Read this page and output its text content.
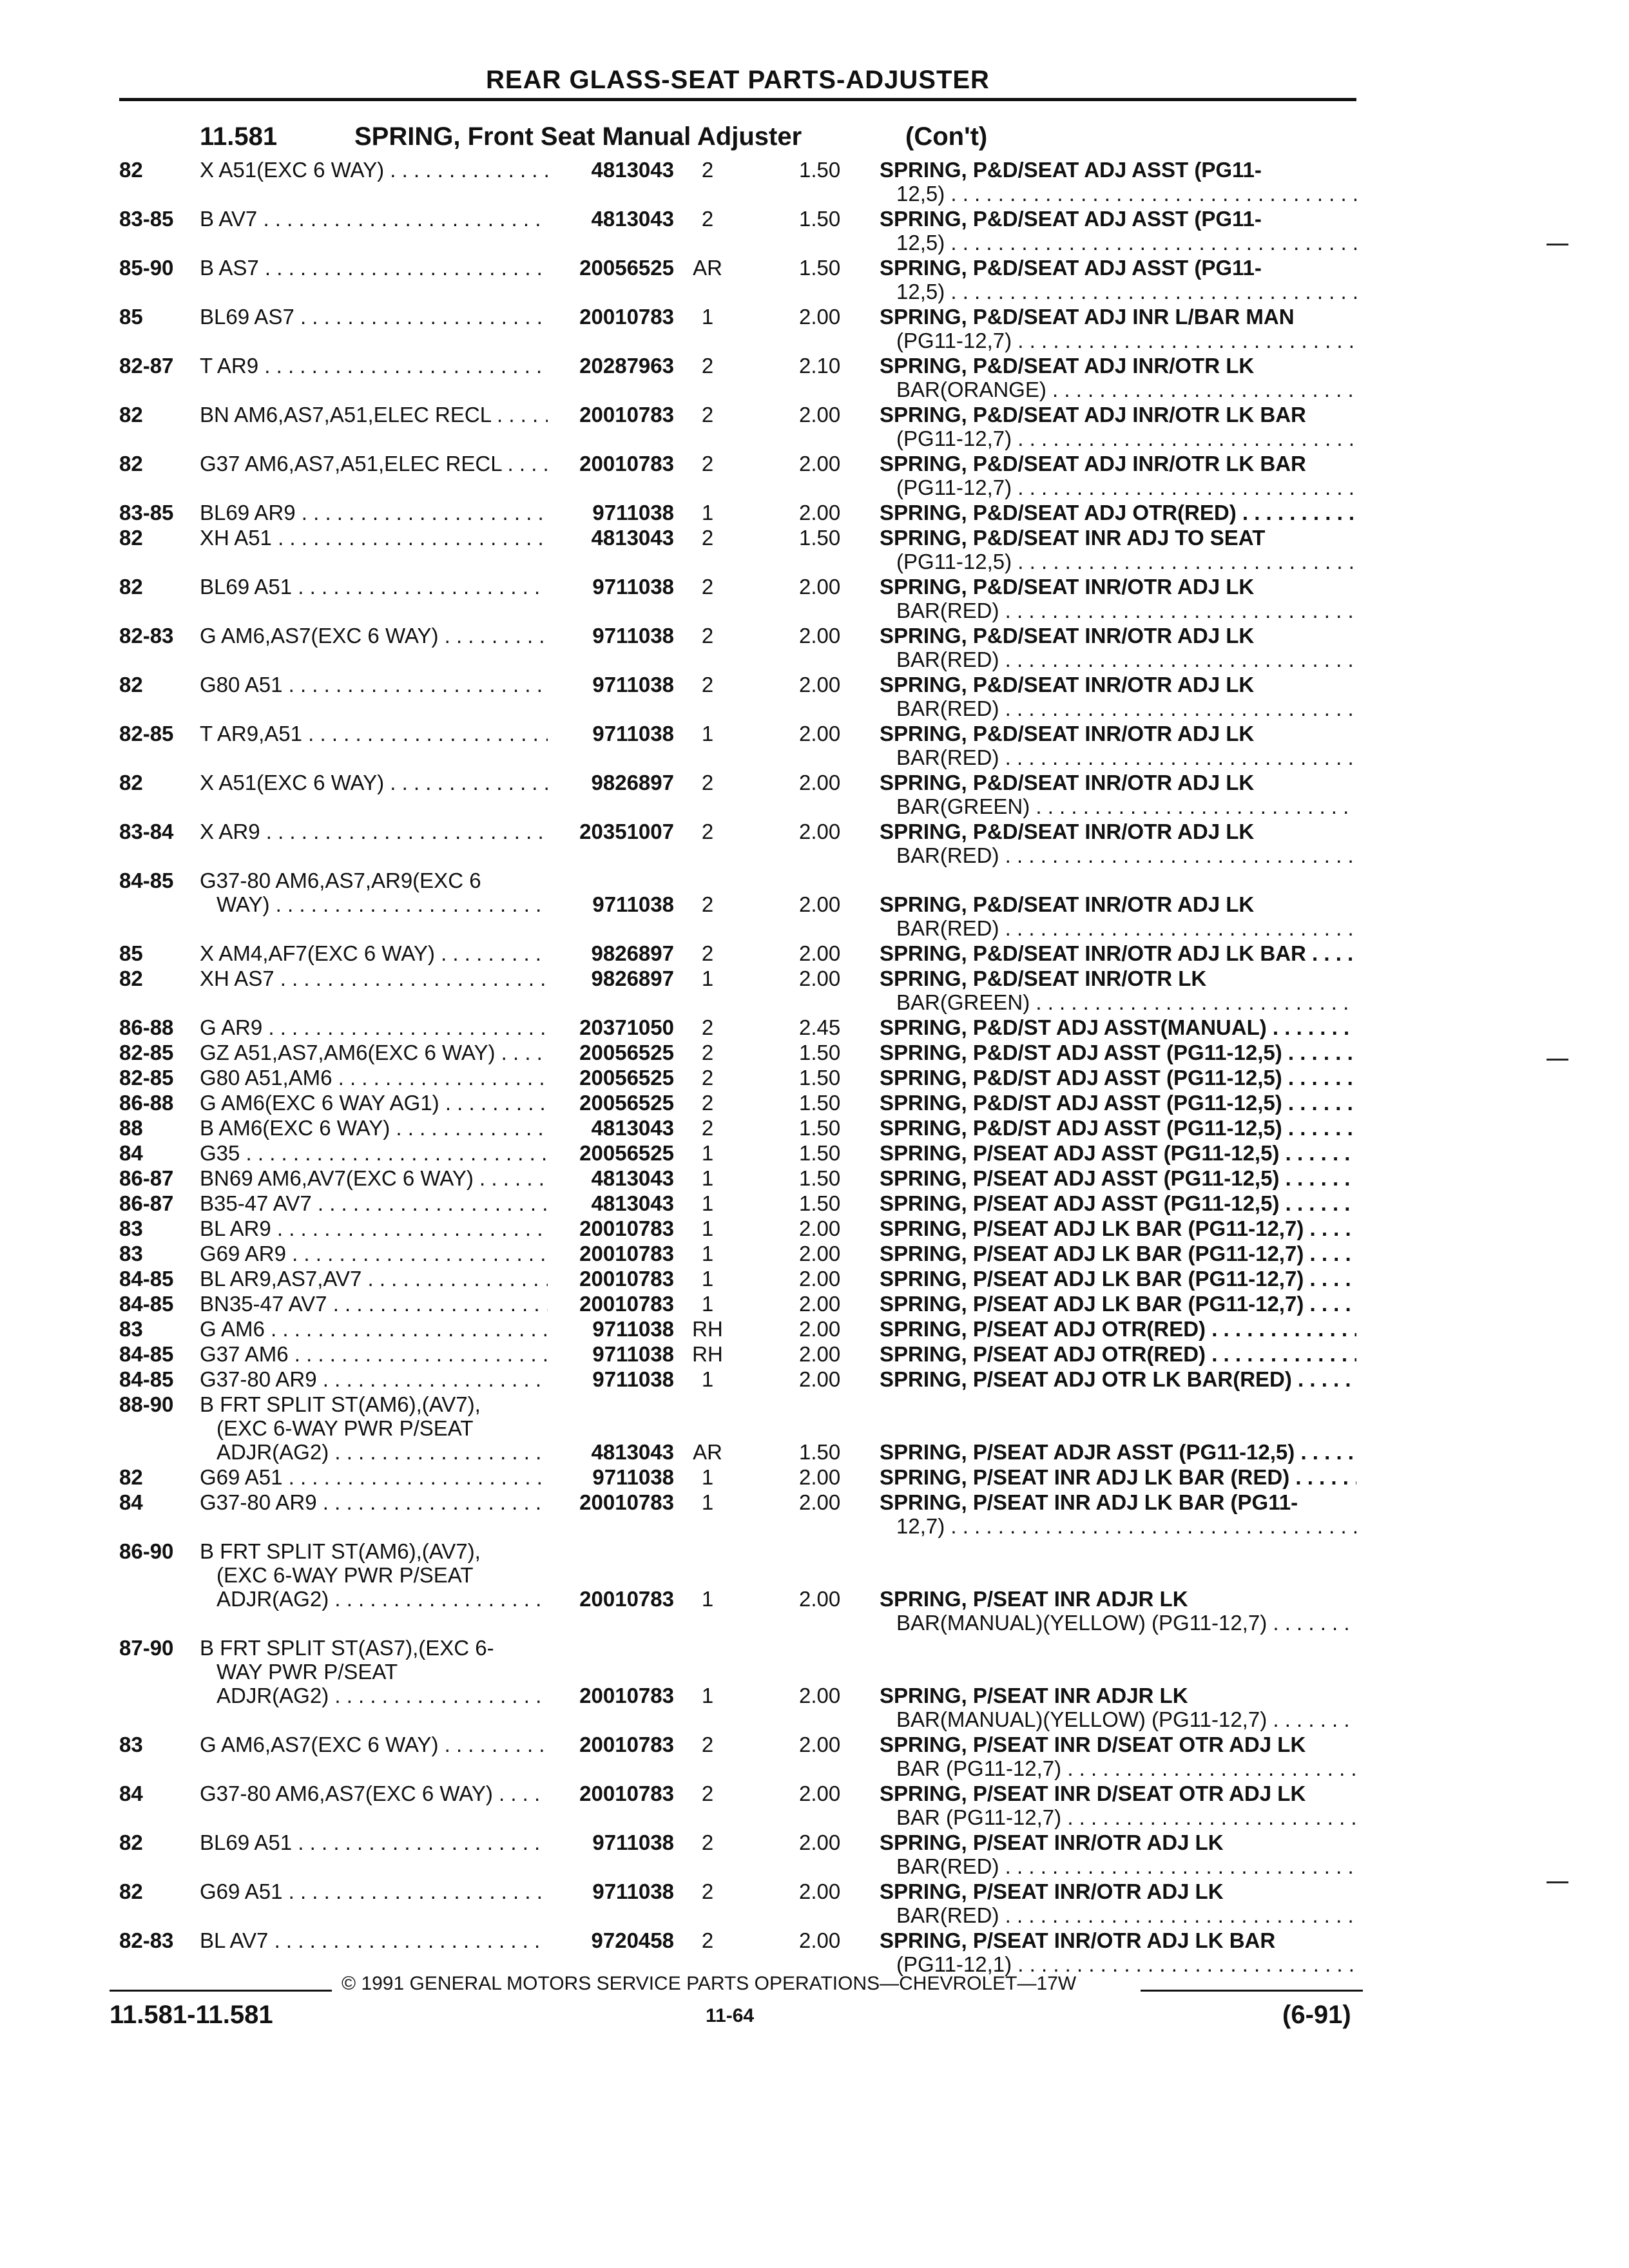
REAR GLASS-SEAT PARTS-ADJUSTER
11.581	SPRING, Front Seat Manual Adjuster	(Con't)
82	X A51(EXC 6 WAY) . . .	4813043	2	1.50 SPRING, P&D/SEAT ADJ ASST (PG11-
12,5) . . .
83-85 B AV7 . . .	4813043	2	1.50 SPRING, P&D/SEAT ADJ ASST (PG11-
12,5) . . .
85-90 B AS7 . . .	20056525 AR	1.50 SPRING, P&D/SEAT ADJ ASST (PG11-
12,5) . . .
85	BL69 AS7 . . .	20010783	1	2.00 SPRING, P&D/SEAT ADJ INR L/BAR MAN
(PG11-12,7) . . .
82-87 T AR9 . . .	20287963	2	2.10 SPRING, P&D/SEAT ADJ INR/OTR LK
BAR(ORANGE) . . .
82	BN AM6,AS7,A51,ELEC RECL . . .	20010783	2	2.00 SPRING, P&D/SEAT ADJ INR/OTR LK BAR
(PG11-12,7) . . .
82	G37 AM6,AS7,A51,ELEC RECL . . .	20010783	2	2.00 SPRING, P&D/SEAT ADJ INR/OTR LK BAR
(PG11-12,7) . . .
83-85 BL69 AR9 . . .	9711038	1	2.00 SPRING, P&D/SEAT ADJ OTR(RED) . . .
82	XH A51 . . .	4813043	2	1.50 SPRING, P&D/SEAT INR ADJ TO SEAT
(PG11-12,5) . . .
82	BL69 A51 . . .	9711038	2	2.00 SPRING, P&D/SEAT INR/OTR ADJ LK
BAR(RED) . . .
82-83 G AM6,AS7(EXC 6 WAY) . . .	9711038	2	2.00 SPRING, P&D/SEAT INR/OTR ADJ LK
BAR(RED) . . .
82	G80 A51 . . .	9711038	2	2.00 SPRING, P&D/SEAT INR/OTR ADJ LK
BAR(RED) . . .
82-85 T AR9,A51 . . .	9711038	1	2.00 SPRING, P&D/SEAT INR/OTR ADJ LK
BAR(RED) . . .
82	X A51(EXC 6 WAY) . . .	9826897	2	2.00 SPRING, P&D/SEAT INR/OTR ADJ LK
BAR(GREEN) . . .
83-84 X AR9 . . .	20351007	2	2.00 SPRING, P&D/SEAT INR/OTR ADJ LK
BAR(RED) . . .
84-85 G37-80 AM6,AS7,AR9(EXC 6
WAY) . . .	9711038	2	2.00 SPRING, P&D/SEAT INR/OTR ADJ LK
BAR(RED) . . .
85	X AM4,AF7(EXC 6 WAY) . . .	9826897	2	2.00 SPRING, P&D/SEAT INR/OTR ADJ LK BAR . . .
82	XH AS7 . . .	9826897	1	2.00 SPRING, P&D/SEAT INR/OTR LK
BAR(GREEN) . . .
86-88 G AR9 . . .	20371050	2	2.45 SPRING, P&D/ST ADJ ASST(MANUAL) . . .
82-85 GZ A51,AS7,AM6(EXC 6 WAY) . . .	20056525	2	1.50 SPRING, P&D/ST ADJ ASST (PG11-12,5) . . .
82-85 G80 A51,AM6 . . .	20056525	2	1.50 SPRING, P&D/ST ADJ ASST (PG11-12,5) . . .
86-88 G AM6(EXC 6 WAY AG1) . . .	20056525	2	1.50 SPRING, P&D/ST ADJ ASST (PG11-12,5) . . .
88	B AM6(EXC 6 WAY) . . .	4813043	2	1.50 SPRING, P&D/ST ADJ ASST (PG11-12,5) . . .
84	G35 . . .	20056525	1	1.50 SPRING, P/SEAT ADJ ASST (PG11-12,5) . . .
86-87 BN69 AM6,AV7(EXC 6 WAY) . . .	4813043	1	1.50 SPRING, P/SEAT ADJ ASST (PG11-12,5) . . .
86-87 B35-47 AV7 . . .	4813043	1	1.50 SPRING, P/SEAT ADJ ASST (PG11-12,5) . . .
83	BL AR9 . . .	20010783	1	2.00 SPRING, P/SEAT ADJ LK BAR (PG11-12,7) . . .
83	G69 AR9 . . .	20010783	1	2.00 SPRING, P/SEAT ADJ LK BAR (PG11-12,7) . . .
84-85 BL AR9,AS7,AV7 . . .	20010783	1	2.00 SPRING, P/SEAT ADJ LK BAR (PG11-12,7) . . .
84-85 BN35-47 AV7 . . .	20010783	1	2.00 SPRING, P/SEAT ADJ LK BAR (PG11-12,7) . . .
83	G AM6 . . .	9711038 RH	2.00 SPRING, P/SEAT ADJ OTR(RED) . . .
84-85 G37 AM6 . . .	9711038 RH	2.00 SPRING, P/SEAT ADJ OTR(RED) . . .
84-85 G37-80 AR9 . . .	9711038	1	2.00 SPRING, P/SEAT ADJ OTR LK BAR(RED) . . .
88-90 B FRT SPLIT ST(AM6),(AV7),
(EXC 6-WAY PWR P/SEAT
ADJR(AG2) . . .	4813043 AR	1.50 SPRING, P/SEAT ADJR ASST (PG11-12,5) . . .
82	G69 A51 . . .	9711038	1	2.00 SPRING, P/SEAT INR ADJ LK BAR (RED) . . .
84	G37-80 AR9 . . .	20010783	1	2.00 SPRING, P/SEAT INR ADJ LK BAR (PG11-
12,7) . . .
86-90 B FRT SPLIT ST(AM6),(AV7),
(EXC 6-WAY PWR P/SEAT
ADJR(AG2) . . .	20010783	1	2.00 SPRING, P/SEAT INR ADJR LK
BAR(MANUAL)(YELLOW) (PG11-12,7) . . .
87-90 B FRT SPLIT ST(AS7),(EXC 6-
WAY PWR P/SEAT
ADJR(AG2) . . .	20010783	1	2.00 SPRING, P/SEAT INR ADJR LK
BAR(MANUAL)(YELLOW) (PG11-12,7) . . .
83	G AM6,AS7(EXC 6 WAY) . . .	20010783	2	2.00 SPRING, P/SEAT INR D/SEAT OTR ADJ LK
BAR (PG11-12,7) . . .
84	G37-80 AM6,AS7(EXC 6 WAY) . . .	20010783	2	2.00 SPRING, P/SEAT INR D/SEAT OTR ADJ LK
BAR (PG11-12,7) . . .
82	BL69 A51 . . .	9711038	2	2.00 SPRING, P/SEAT INR/OTR ADJ LK
BAR(RED) . . .
82	G69 A51 . . .	9711038	2	2.00 SPRING, P/SEAT INR/OTR ADJ LK
BAR(RED) . . .
82-83 BL AV7 . . .	9720458	2	2.00 SPRING, P/SEAT INR/OTR ADJ LK BAR
(PG11-12,1) . . .
© 1991 GENERAL MOTORS SERVICE PARTS OPERATIONS—CHEVROLET—17W
11.581-11.581	11-64	(6-91)
